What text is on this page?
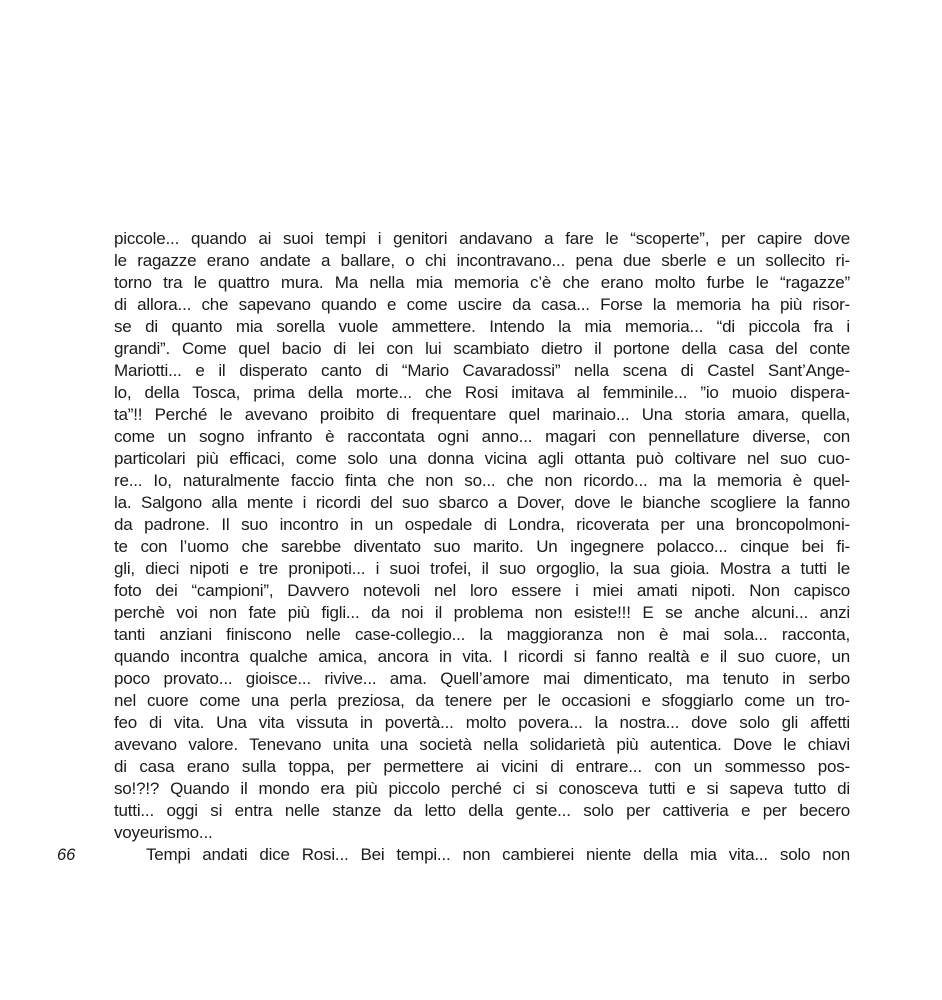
66
piccole... quando ai suoi tempi i genitori andavano a fare le “scoperte”, per capire dove
le ragazze erano andate a ballare, o chi incontravano... pena due sberle e un sollecito ri-
torno tra le quattro mura. Ma nella mia memoria c’è che erano molto furbe le “ragazze”
di allora... che sapevano quando e come uscire da casa... Forse la memoria ha più risor-
se di quanto mia sorella vuole ammettere. Intendo la mia memoria... “di piccola fra i
grandi”. Come quel bacio di lei con lui scambiato dietro il portone della casa del conte
Mariotti... e il disperato canto di “Mario Cavaradossi” nella scena di Castel Sant’Ange-
lo, della Tosca, prima della morte... che Rosi imitava al femminile... ”io muoio dispera-
ta”!! Perché le avevano proibito di frequentare quel marinaio... Una storia amara, quella,
come un sogno infranto è raccontata ogni anno... magari con pennellature diverse, con
particolari più efficaci, come solo una donna vicina agli ottanta può coltivare nel suo cuo-
re... Io, naturalmente faccio finta che non so... che non ricordo... ma la memoria è quel-
la. Salgono alla mente i ricordi del suo sbarco a Dover, dove le bianche scogliere la fanno
da padrone. Il suo incontro in un ospedale di Londra, ricoverata per una broncopolmoni-
te con l’uomo che sarebbe diventato suo marito. Un ingegnere polacco... cinque bei fi-
gli, dieci nipoti e tre pronipoti... i suoi trofei, il suo orgoglio, la sua gioia. Mostra a tutti le
foto dei “campioni”, Davvero notevoli nel loro essere i miei amati nipoti. Non capisco
perchè voi non fate più figli... da noi il problema non esiste!!! E se anche alcuni... anzi
tanti anziani finiscono nelle case-collegio... la maggioranza non è mai sola... racconta,
quando incontra qualche amica, ancora in vita. I ricordi si fanno realtà e il suo cuore, un
poco provato... gioisce... rivive... ama. Quell’amore mai dimenticato, ma tenuto in serbo
nel cuore come una perla preziosa, da tenere per le occasioni e sfoggiarlo come un tro-
feo di vita. Una vita vissuta in povertà... molto povera... la nostra... dove solo gli affetti
avevano valore. Tenevano unita una società nella solidarietà più autentica. Dove le chiavi
di casa erano sulla toppa, per permettere ai vicini di entrare... con un sommesso pos-
so!?!? Quando il mondo era più piccolo perché ci si conosceva tutti e si sapeva tutto di
tutti... oggi si entra nelle stanze da letto della gente... solo per cattiveria e per becero
voyeurismo...
Tempi andati dice Rosi... Bei tempi... non cambierei niente della mia vita... solo non
